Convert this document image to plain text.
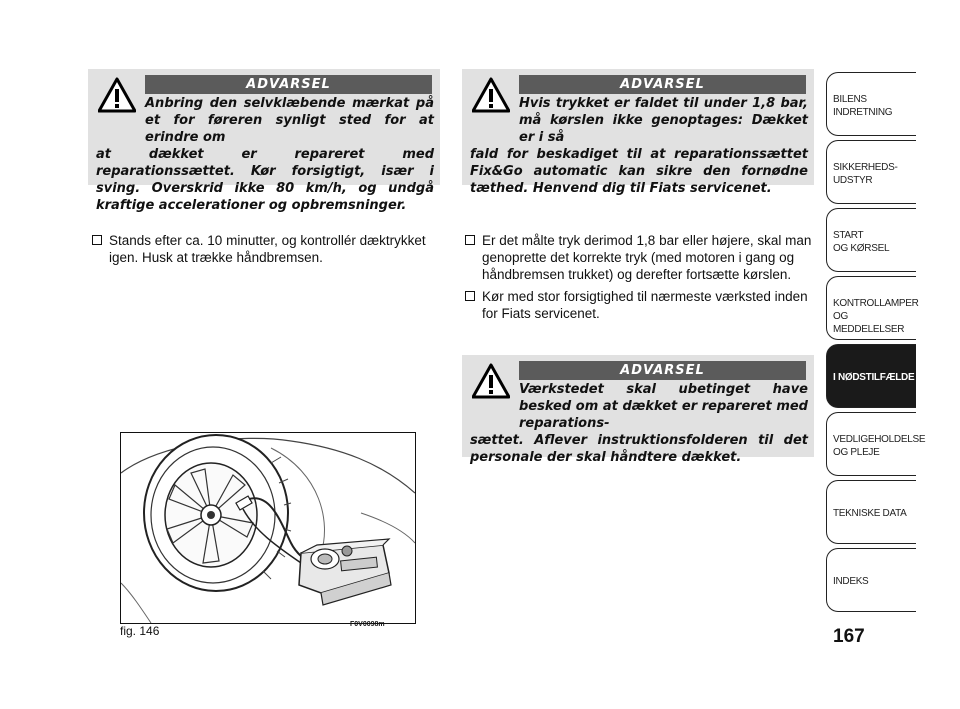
ADVARSEL
Anbring den selvklæbende mærkat på et for føreren synligt sted for at erindre om
at dækket er repareret med reparationssættet. Kør forsigtigt, især i sving. Overskrid ikke 80 km/h, og undgå kraftige accelerationer og opbremsninger.
ADVARSEL
Hvis trykket er faldet til under 1,8 bar, må kørslen ikke genoptages: Dækket er i så
fald for beskadiget til at reparationssættet Fix&Go automatic kan sikre den fornødne tæthed. Henvend dig til Fiats servicenet.
Stands efter ca. 10 minutter, og kontrollér dæktrykket igen. Husk at trække håndbremsen.
Er det målte tryk derimod 1,8 bar eller højere, skal man genoprette det korrekte tryk (med motoren i gang og håndbremsen trukket) og derefter fortsætte kørslen.
Kør med stor forsigtighed til nærmeste værksted inden for Fiats servicenet.
ADVARSEL
Værkstedet skal ubetinget have besked om at dækket er repareret med reparations-
sættet. Aflever instruktionsfolderen til det personale der skal håndtere dækket.
fig. 146	F0V0098m
BILENS
INDRETNING
SIKKERHEDS-
UDSTYR
START
OG KØRSEL
KONTROLLAMPER
OG MEDDELELSER
I NØDSTILFÆLDE
VEDLIGEHOLDELSE
OG PLEJE
TEKNISKE DATA
INDEKS
167
